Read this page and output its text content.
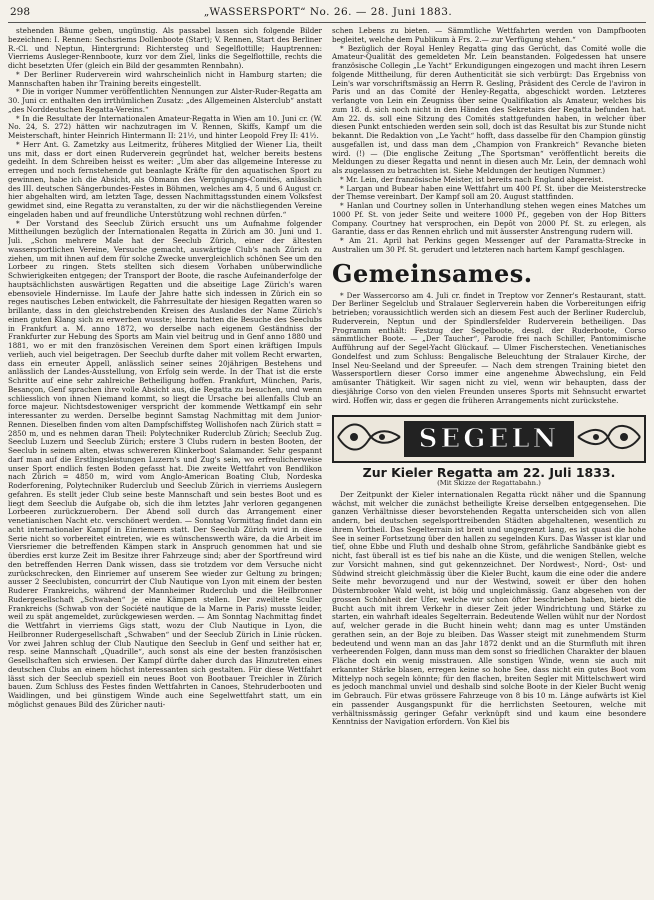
298	„WASSERSPORT“ No. 26. — 28. Juni 1883.

stehenden Bäume geben, ungünstig. Als passabel lassen sich folgende Bilder bezeichnen: I. Rennen: Sechsriems Dollenboote (Start); V. Rennen, Start des Berliner R.-Cl. und Neptun, Hintergrund: Richtersteg und Segelflottille; Hauptrennen: Vierriems Ausleger-Rennboote, kurz vor dem Ziel, links die Segelflottille, rechts die dicht besetzten Ufer (gleich ein Bild der gesammten Rennbahn).

* Der Berliner Ruderverein wird wahrscheinlich nicht in Hamburg starten; die Mannschaften haben ihr Training bereits eingestellt.

* Die in voriger Nummer veröffentlichten Nennungen zur Alster-Ruder-Regatta am 30. Juni cr. enthalten den irrthümlichen Zusatz: „des Allgemeinen Alsterclub“ anstatt „des Norddeutschen Regatta-Vereins.“

* In die Resultate der Internationalen Amateur-Regatta in Wien am 10. Juni cr. (W. No. 24, S. 272) hätten wir nachzutragen im V. Rennen, Skiffs, Kampf um die Meisterschaft, hinter Heinrich Hintermann II: 21½, und hinter Leopold Frey II: 41½.

* Herr Ant. G. Zametzky aus Leitmeritz, früheres Mitglied der Wiener Lia, theilt uns mit, dass er dort einen Ruderverein gegründet hat, welcher bereits bestens gedeiht. In dem Schreiben heisst es weiter: „Um aber das allgemeine Interesse zu erregen und noch fernstehende gut beanlagte Kräfte für den aquatischen Sport zu gewinnen, habe ich die Absicht, als Obmann des Vergnügungs-Comités, anlässlich des III. deutschen Sängerbundes-Festes in Böhmen, welches am 4, 5 und 6 August cr. hier abgehalten wird, am letzten Tage, dessen Nachmittagsstunden einem Volksfest gewidmet sind, eine Regatta zu veranstalten, zu der wir die nächstliegenden Vereine eingeladen haben und auf freundliche Unterstützung wohl rechnen dürfen.“

* Der Vorstand des Seeclub Zürich ersucht uns um Aufnahme folgender Mittheilungen bezüglich der Internationalen Regatta in Zürich am 30. Juni und 1. Juli. „Schon mehrere Male hat der Seeclub Zürich, einer der ältesten wassersportlichen Vereine, Versuche gemacht, auswärtige Club's nach Zürich zu ziehen, um mit ihnen auf dem für solche Zwecke unvergleichlich schönen See um den Lorbeer zu ringen. Stets stellten sich diesem Vorhaben unüberwindliche Schwierigkeiten entgegen; der Transport der Boote, die rasche Aufeinanderfolge der hauptsächlichsten auswärtigen Regatten und die abseitige Lage Zürich's waren ebensoviele Hindernisse. Im Laufe der Jahre hatte sich indessen in Zürich ein so reges nautisches Leben entwickelt, die Fahrresultate der hiesigen Regatten waren so brillante, dass in den gleichstrebenden Kreisen des Auslandes der Name Zürich's einen guten Klang sich zu erwerben wusste; hierzu hatten die Besuche des Seeclubs in Frankfurt a. M. anno 1872, wo derselbe nach eigenem Geständniss der Frankfurter zur Hebung des Sports am Main viel beitrug und in Genf anno 1880 und 1881, wo er mit den französischen Vereinen dem Sport einen kräftigen Impuls verlieh, auch viel beigetragen. Der Seeclub durfte daher mit vollem Recht erwarten, dass ein erneuter Appell, anlässlich seiner seines 20jährigen Bestehens und anlässlich der Landes-Ausstellung, von Erfolg sein werde. In der That ist die erste Schritte auf eine sehr zahlreiche Betheiligung hoffen. Frankfurt, München, Paris, Besançon, Genf sprachen ihre volle Absicht aus, die Regatta zu besuchen, und wenn schliesslich von ihnen Niemand kommt, so liegt die Ursache bei allenfalls Club an force majeur. Nichtsdestoweniger verspricht der kommende Wettkampf ein sehr interessanter zu werden. Derselbe beginnt Samstag Nachmittag mit dem Junior-Rennen. Dieselben finden vom alten Dampfschiffsteg Wollishofen nach Zürich statt = 2850 m, und es nehmen daran Theil: Polytechniker Ruderclub Zürich; Seeclub Zug. Seeclub Luzern und Seeclub Zürich; erstere 3 Clubs rudern in besten Booten, der Seeclub in seinem alten, etwas schwereren Klinkerboot Salamander. Sehr gespannt darf man auf die Erstlingsleistungen Luzern's und Zug's sein, wo erfreulicherweise unser Sport endlich festen Boden gefasst hat. Die zweite Wettfahrt von Bendlikon nach Zürich = 4850 m, wird vom Anglo-American Boating Club, Nordeska Roderforening, Polytechniker Ruderclub und Seeclub Zürich in vierriems Auslegern gefahren. Es stellt jeder Club seine beste Mannschaft und sein bestes Boot und es liegt dem Seeclub die Aufgabe ob, sich die ihm letztes Jahr verloren gegangenen Lorbeeren zurückzuerobern. Der Abend soll durch das Arrangement einer venetianischen Nacht etc. verschönert werden. — Sonntag Vormittag findet dann ein acht internationaler Kampf in Einriemern statt. Der Seeclub Zürich wird in diese Serie nicht so vorbereitet eintreten, wie es wünschenswerth wäre, da die Arbeit im Viersriemer die betreffenden Kämpen stark in Anspruch genommen hat und sie überdies erst kurze Zeit im Besitze ihrer Fahrzeuge sind; aber der Sportfreund wird den betreffenden Herren Dank wissen, dass sie trotzdem vor dem Versuche nicht zurückschrecken, den Einriemer auf unserem See wieder zur Geltung zu bringen; ausser 2 Seeclubisten, concurrirt der Club Nautique von Lyon mit einem der besten Ruderer Frankreichs, während der Mannheimer Ruderclub und die Heilbronner Rudergesellschaft „Schwaben“ je eine Kämpen stellen. Der zweiltete Sculler Frankreichs (Schwab von der Société nautique de la Marne in Paris) musste leider, weil zu spät angemeldet, zurückgewiesen werden. — Am Sonntag Nachmittag findet die Wettfahrt in vierriems Gigs statt, wozu der Club Nautique in Lyon, die Heilbronner Rudergesellschaft „Schwaben“ und der Seeclub Zürich in Linie rücken. Vor zwei Jahren schlug der Club Nautique den Seeclub in Genf und seither hat er, resp. seine Mannschaft „Quadrille“, auch sonst als eine der besten französischen Gesellschaften sich erwiesen. Der Kampf dürfte daher durch das Hinzutreten eines deutschen Clubs an einem höchst interessanten sich gestalten. Für diese Wettfahrt lässt sich der Seeclub speziell ein neues Boot von Bootbauer Treichler in Zürich bauen. Zum Schluss des Festes finden Wettfahrten in Canoes, Stehruderbooten und Waidlingen, und bei günstigem Winde auch eine Segelwettfahrt statt, um ein möglichst genaues Bild des Züricher nauti-

schen Lebens zu bieten. — Sämmtliche Wettfahrten werden von Dampfbooten begleitet, welche dem Publikum à Frs. 2.— zur Verfügung stehen.“

* Bezüglich der Royal Henley Regatta ging das Gerücht, das Comité wolle die Amateur-Qualität des gemeldeten Mr. Lein beanstanden. Folgedessen hat unsere französische Collegin „Le Yacht“ Erkundigungen eingezogen und macht ihren Lesern folgende Mittheilung, für deren Authenticität sie sich verbürgt: Das Ergebniss von Lein's war vorschriftsmässig an Herrn R. Gesling, Präsident des Cercle de l'aviron in Paris und an das Comité der Henley-Regatta, abgeschickt worden. Letzteres verlangte von Lein ein Zeugniss über seine Qualifikation als Amateur, welches bis zum 18. d. sich noch nicht in den Händen des Sekretairs der Regatta befunden hat. Am 22. ds. soll eine Sitzung des Comités stattgefunden haben, in welcher über diesen Punkt entschieden werden sein soll, doch ist das Resultat bis zur Stunde nicht bekannt. Die Redaktion von „Le Yacht“ hofft, dass dasselbe für den Champion günstig ausgefallen ist, und dass man dem „Champion von Frankreich“ Revanche bieten wird. (!) — (Die englische Zeitung „The Sportsman“ veröffentlicht bereits die Meldungen zu dieser Regatta und nennt in diesen auch Mr. Lein, der demnach wohl als zugelassen zu betrachten ist. Siehe Meldungen der heutigen Nummer.)

* Mr. Lein, der französische Meister, ist bereits nach England abgereist.

* Largan und Bubear haben eine Wettfahrt um 400 Pf. St. über die Meisterstrecke der Themse vereinbart. Der Kampf soll am 20. August stattfinden.

* Hanlan und Courtney sollen in Unterhandlung stehen wegen eines Matches um 1000 Pf. St. von jeder Seite und weitere 1000 Pf., gegeben von der Hop Bitters Company. Courtney hat versprochen, ein Depôt von 2000 Pf. St. zu erlegen, als Garantie, dass er das Rennen ehrlich und mit äusserster Anstrengung rudern will.

* Am 21. April hat Perkins gegen Messenger auf der Paramatta-Strecke in Australien um 30 Pf. St. gerudert und letzteren nach hartem Kampf geschlagen.

Gemeinsames.

* Der Wassercorso am 4. Juli cr. findet in Treptow vor Zenner's Restaurant, statt. Der Berliner Segelclub und Stralauer Seglerverein haben die Vorbereitungen eifrig betrieben; voraussichtlich werden sich an diesem Fest auch der Berliner Ruderclub, Ruderverein, Neptun und der Spindlersfelder Ruderverein betheiligen. Das Programm enthält: Festzug der Segelboote, desgl. der Ruderboote, Corso sämmtlicher Boote. — „Der Taucher“, Parodie frei nach Schiller, Pantomimische Aufführung auf der Segel-Yacht Glückauf. — Ulmer Fischerstechen. Venetianisches Gondelfest und zum Schluss: Bengalische Beleuchtung der Stralauer Kirche, der Insel Neu-Seeland und der Spreeufer. — Nach dem strengen Training bietet den Wassersportlern dieser Corso immer eine angenehme Abwechslung, ein Feld amüsanter Thätigkeit. Wir sagen nicht zu viel, wenn wir behaupten, dass der diesjährige Corso von den vielen Freunden unseres Sports mit Sehnsucht erwartet wird. Hoffen wir, dass er gegen die früheren Arrangements nicht zurückstehe.

SEGELN
Zur Kieler Regatta am 22. Juli 1833.
(Mit Skizze der Regattabahn.)

Der Zeitpunkt der Kieler internationalen Regatta rückt näher und die Spannung wächst, mit welcher die zunächst betheiligte Kreise derselben entgegensehen. Die ganzen Verhältnisse dieser bevorstehenden Regatta unterscheiden sich von allen andern, bei deutschen segelsporttreibenden Städten abgehaltenen, wesentlich zu ihrem Vortheil. Das Segelterrain ist breit und ungegrenzt lang, es ist quasi die hohe See in seiner Fortsetzung über den hallen zu segelnden Kurs. Das Wasser ist klar und tief, ohne Ebbe und Fluth und deshalb ohne Strom, gefährliche Sandbänke giebt es nicht, fast überall ist es tief bis nahe an die Küste, und die wenigen Stellen, welche zur Vorsicht mahnen, sind gut gekennzeichnet. Der Nordwest-, Nord-, Ost- und Südwind streicht gleichmässig über die Kieler Bucht, kaum die eine oder die andere Seite mehr bevorzugend und nur der Westwind, soweit er über den hohen Düsternbrooker Wald weht, ist böig und ungleichmässig. Ganz abgesehen von der grossen Schönheit der Ufer, welche wir schon öfter beschrieben haben, bietet die Bucht auch mit ihrem Verkehr in dieser Zeit jeder Windrichtung und Stärke zu starten, ein wahrhaft ideales Segelterrain. Bedeutende Wellen wühlt nur der Nordost auf, welcher gerade in die Bucht hinein weht; dann mag es unter Umständen gerathen sein, an der Boje zu bleiben. Das Wasser steigt mit zunehmendem Sturm bedeutend und wenn man an das Jahr 1872 denkt und an die Sturmfluth mit ihren verheerenden Folgen, dann muss man dem sonst so friedlichen Charakter der blauen Fläche doch ein wenig misstrauen. Alle sonstigen Winde, wenn sie auch mit erkannter Stärke blasen, erregen keine so hohe See, dass nicht ein gutes Boot vom Mittelyp noch segeln könnte; für den flachen, breiten Segler mit Mittelschwert wird es jedoch manchmal unviel und deshalb sind solche Boote in der Kieler Bucht wenig im Gebrauch. Für etwas grössere Fahrzeuge von 8 bis 10 m. Länge aufwärts ist Kiel ein passender Ausgangspunkt für die herrlichsten Seetouren, welche mit verhältnissmässig geringer Gefahr verknüpft sind und kaum eine besondere Kenntniss der Navigation erfordern. Von Kiel bis
